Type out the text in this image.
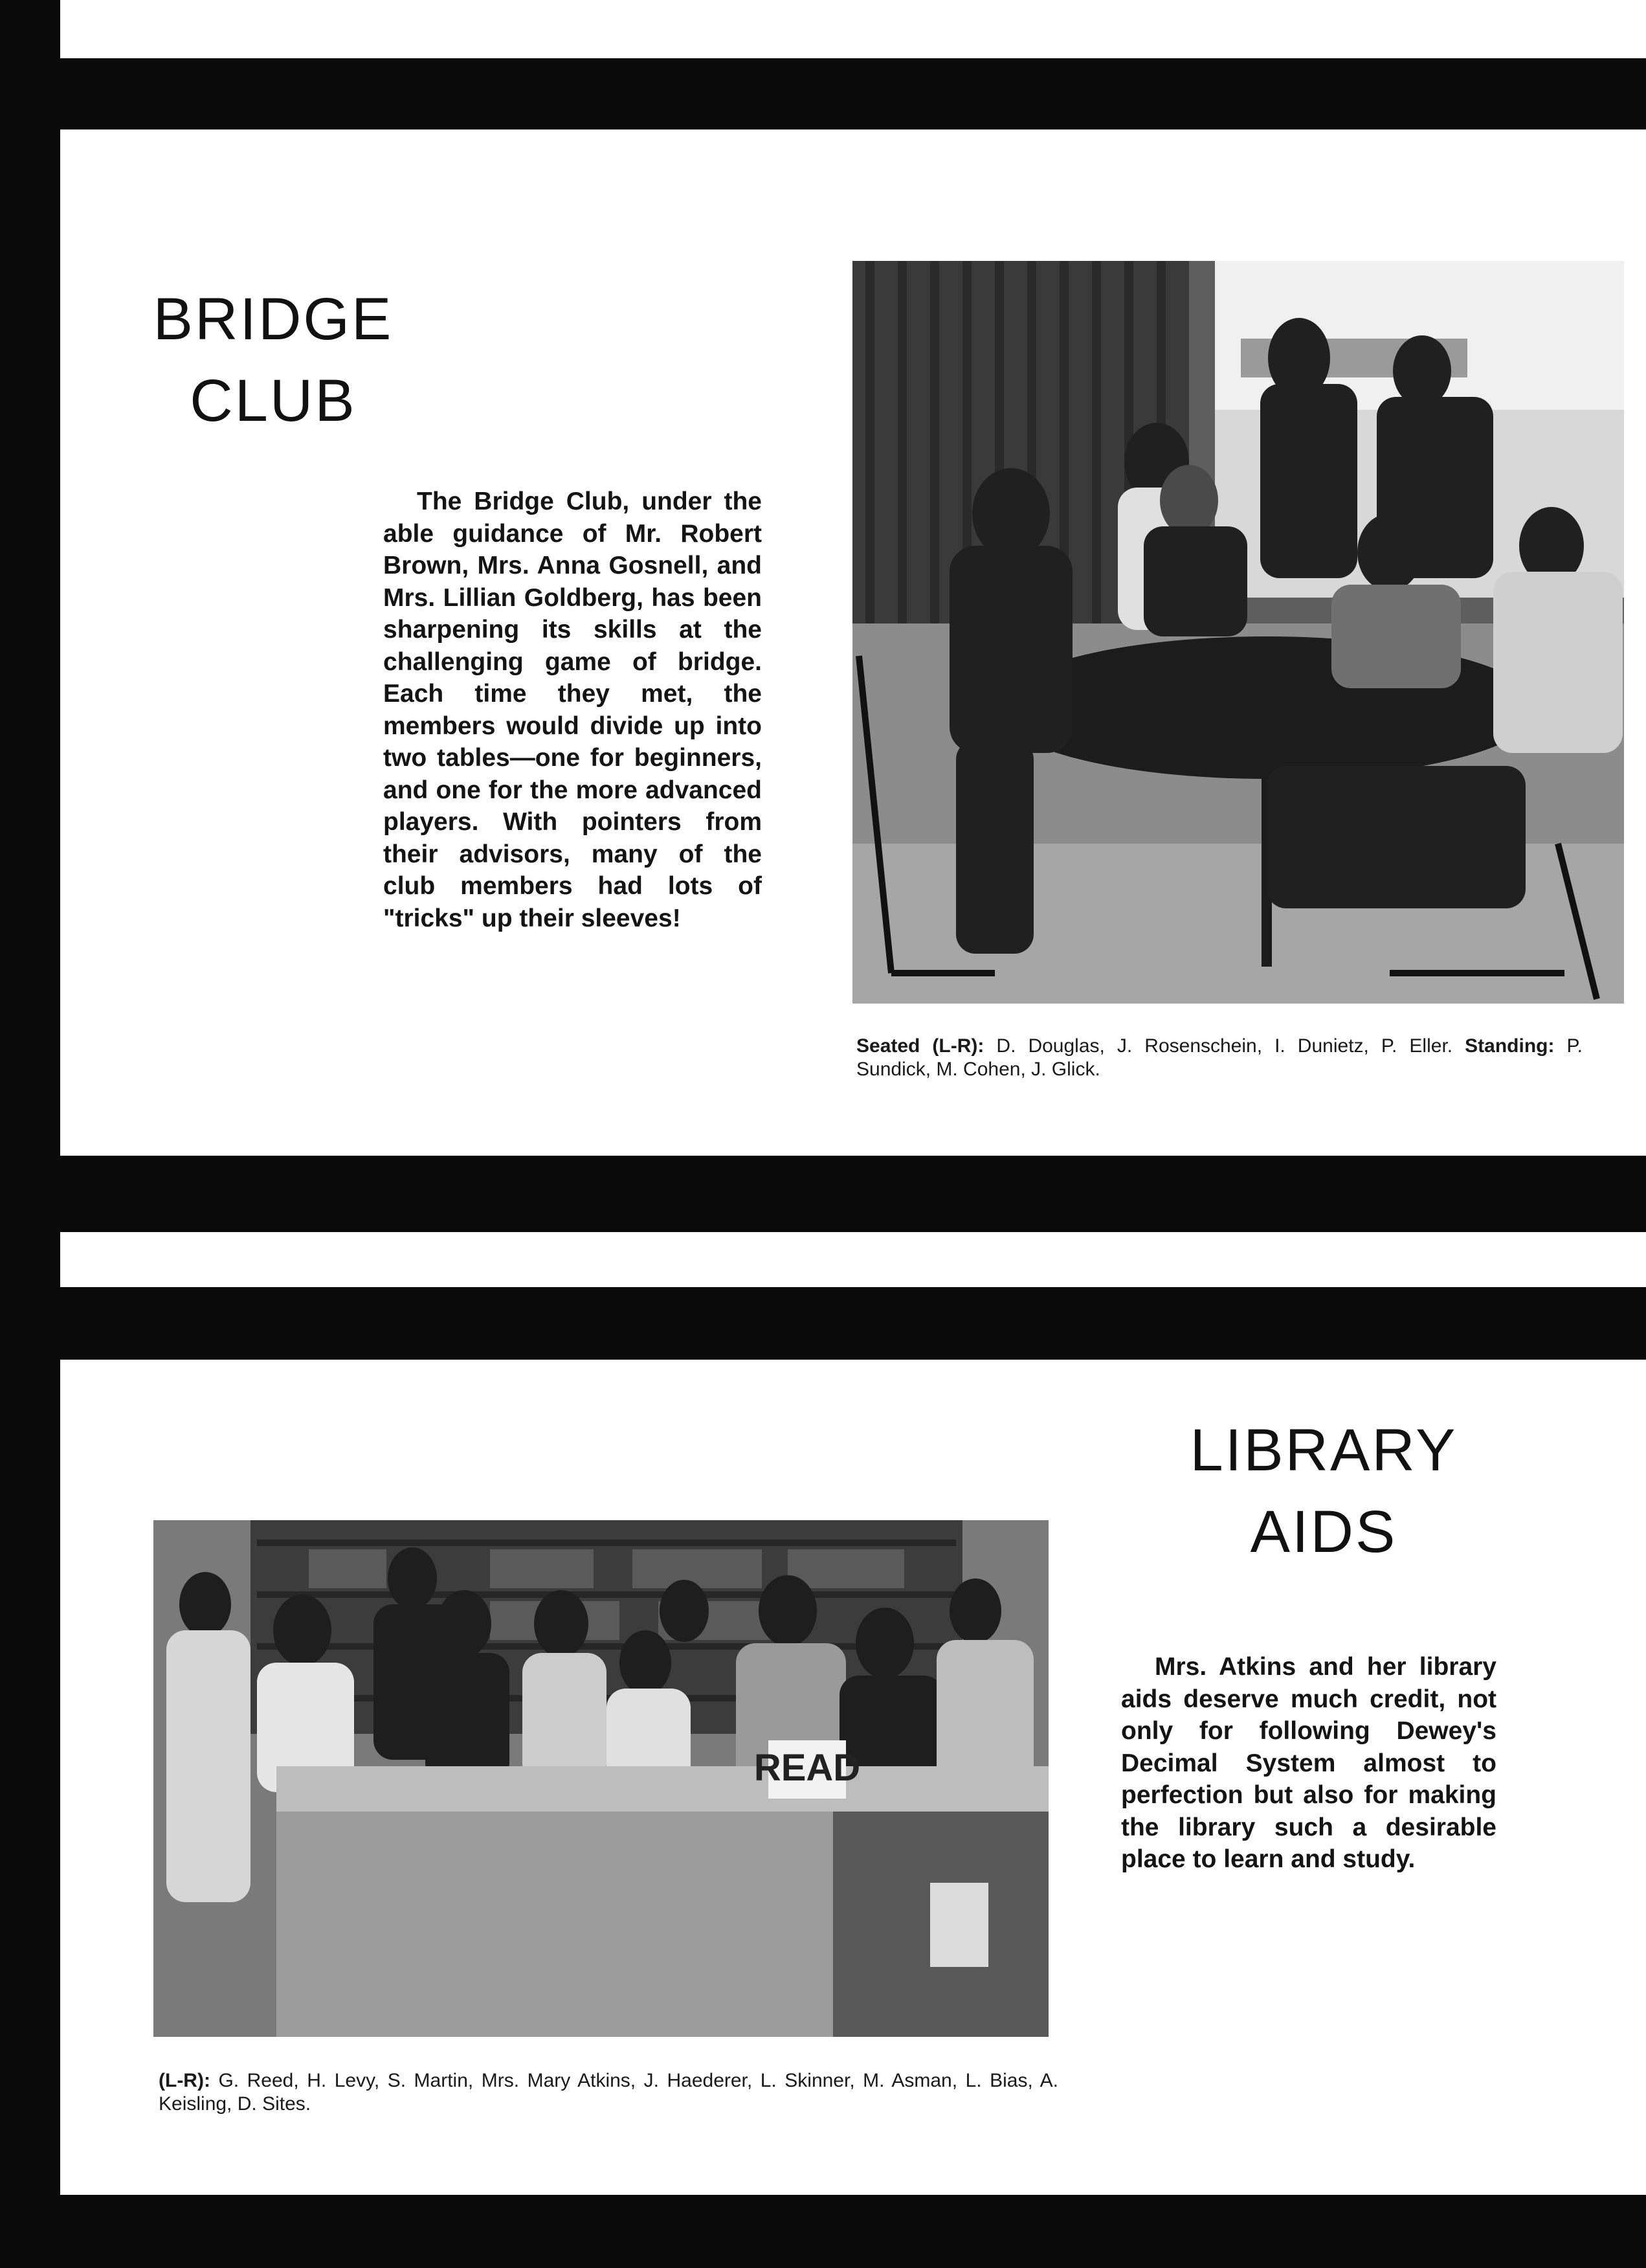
BRIDGE
CLUB

The Bridge Club, under the able guidance of Mr. Robert Brown, Mrs. Anna Gosnell, and Mrs. Lillian Goldberg, has been sharpening its skills at the challenging game of bridge. Each time they met, the members would divide up into two tables—one for beginners, and one for the more advanced players. With pointers from their advisors, many of the club members had lots of "tricks" up their sleeves!

Seated (L-R): D. Douglas, J. Rosenschein, I. Dunietz, P. Eller. Standing: P. Sundick, M. Cohen, J. Glick.

LIBRARY
AIDS

Mrs. Atkins and her library aids deserve much credit, not only for following Dewey's Decimal System almost to perfection but also for making the library such a desirable place to learn and study.

READ

(L-R): G. Reed, H. Levy, S. Martin, Mrs. Mary Atkins, J. Haederer, L. Skinner, M. Asman, L. Bias, A. Keisling, D. Sites.
